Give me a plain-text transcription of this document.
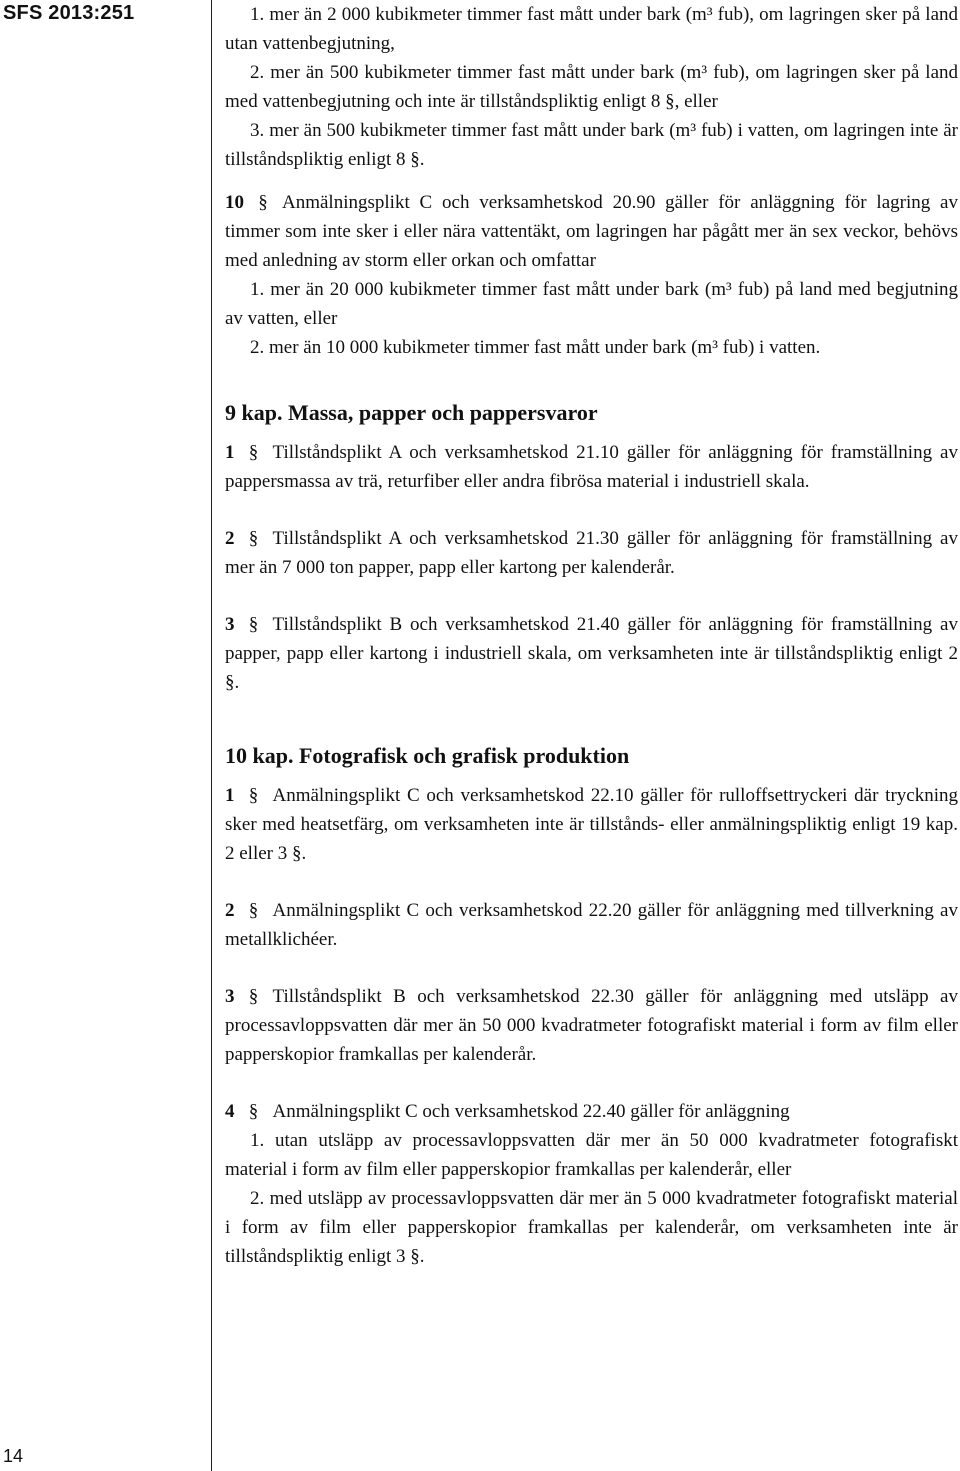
SFS 2013:251

14

1. mer än 2 000 kubikmeter timmer fast mått under bark (m³ fub), om lagringen sker på land utan vattenbegjutning,

2. mer än 500 kubikmeter timmer fast mått under bark (m³ fub), om lagringen sker på land med vattenbegjutning och inte är tillståndspliktig enligt 8 §, eller

3. mer än 500 kubikmeter timmer fast mått under bark (m³ fub) i vatten, om lagringen inte är tillståndspliktig enligt 8 §.

10 § Anmälningsplikt C och verksamhetskod 20.90 gäller för anläggning för lagring av timmer som inte sker i eller nära vattentäkt, om lagringen har pågått mer än sex veckor, behövs med anledning av storm eller orkan och omfattar

1. mer än 20 000 kubikmeter timmer fast mått under bark (m³ fub) på land med begjutning av vatten, eller

2. mer än 10 000 kubikmeter timmer fast mått under bark (m³ fub) i vatten.

9 kap. Massa, papper och pappersvaror

1 § Tillståndsplikt A och verksamhetskod 21.10 gäller för anläggning för framställning av pappersmassa av trä, returfiber eller andra fibrösa material i industriell skala.

2 § Tillståndsplikt A och verksamhetskod 21.30 gäller för anläggning för framställning av mer än 7 000 ton papper, papp eller kartong per kalenderår.

3 § Tillståndsplikt B och verksamhetskod 21.40 gäller för anläggning för framställning av papper, papp eller kartong i industriell skala, om verksamheten inte är tillståndspliktig enligt 2 §.

10 kap. Fotografisk och grafisk produktion

1 § Anmälningsplikt C och verksamhetskod 22.10 gäller för rulloffsettryckeri där tryckning sker med heatsetfärg, om verksamheten inte är tillstånds- eller anmälningspliktig enligt 19 kap. 2 eller 3 §.

2 § Anmälningsplikt C och verksamhetskod 22.20 gäller för anläggning med tillverkning av metallklichéer.

3 § Tillståndsplikt B och verksamhetskod 22.30 gäller för anläggning med utsläpp av processavloppsvatten där mer än 50 000 kvadratmeter fotografiskt material i form av film eller papperskopior framkallas per kalenderår.

4 § Anmälningsplikt C och verksamhetskod 22.40 gäller för anläggning

1. utan utsläpp av processavloppsvatten där mer än 50 000 kvadratmeter fotografiskt material i form av film eller papperskopior framkallas per kalenderår, eller

2. med utsläpp av processavloppsvatten där mer än 5 000 kvadratmeter fotografiskt material i form av film eller papperskopior framkallas per kalenderår, om verksamheten inte är tillståndspliktig enligt 3 §.
